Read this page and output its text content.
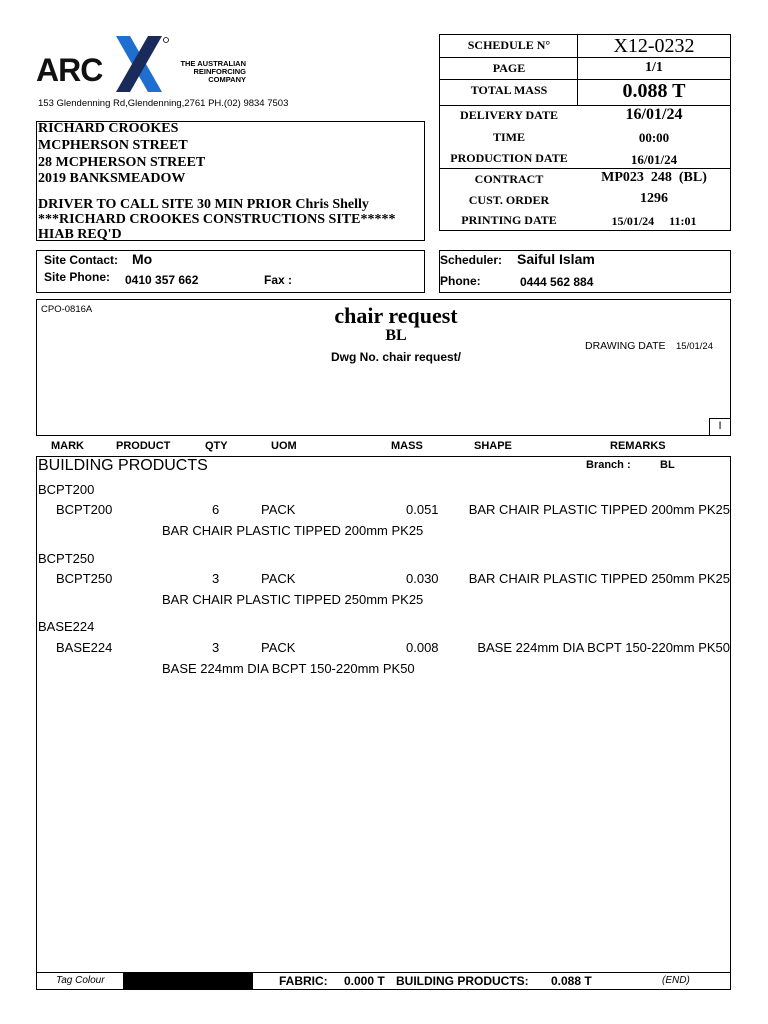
ARC	THE AUSTRALIAN
REINFORCING
COMPANY
153 Glendenning Rd,Glendenning,2761 PH.(02) 9834 7503
SCHEDULE N°	X12-0232
PAGE	1/1
TOTAL MASS	0.088 T
DELIVERY DATE	16/01/24
TIME	00:00
PRODUCTION DATE	16/01/24
CONTRACT	MP023  248  (BL)
CUST. ORDER	1296
PRINTING DATE	15/01/24     11:01
RICHARD CROOKES
MCPHERSON STREET
28 MCPHERSON STREET
2019 BANKSMEADOW
DRIVER TO CALL SITE 30 MIN PRIOR Chris Shelly
***RICHARD CROOKES CONSTRUCTIONS SITE*****
HIAB REQ'D
Site Contact: Mo
Site Phone: 0410 357 662	Fax :
Scheduler: Saiful Islam
Phone:	0444 562 884
CPO-0816A	chair request
BL
Dwg No. chair request/
DRAWING DATE 15/01/24
I
MARK	PRODUCT	QTY	UOM	MASS	SHAPE	REMARKS
BUILDING PRODUCTS	Branch :	BL
BCPT200
BCPT200	6	PACK	0.051 BAR CHAIR PLASTIC TIPPED 200mm PK25
BAR CHAIR PLASTIC TIPPED 200mm PK25
BCPT250
BCPT250	3	PACK	0.030 BAR CHAIR PLASTIC TIPPED 250mm PK25
BAR CHAIR PLASTIC TIPPED 250mm PK25
BASE224
BASE224	3	PACK	0.008	BASE 224mm DIA BCPT 150-220mm PK50
BASE 224mm DIA BCPT 150-220mm PK50
Tag Colour	FABRIC: 0.000 T BUILDING PRODUCTS: 0.088 T	(END)
